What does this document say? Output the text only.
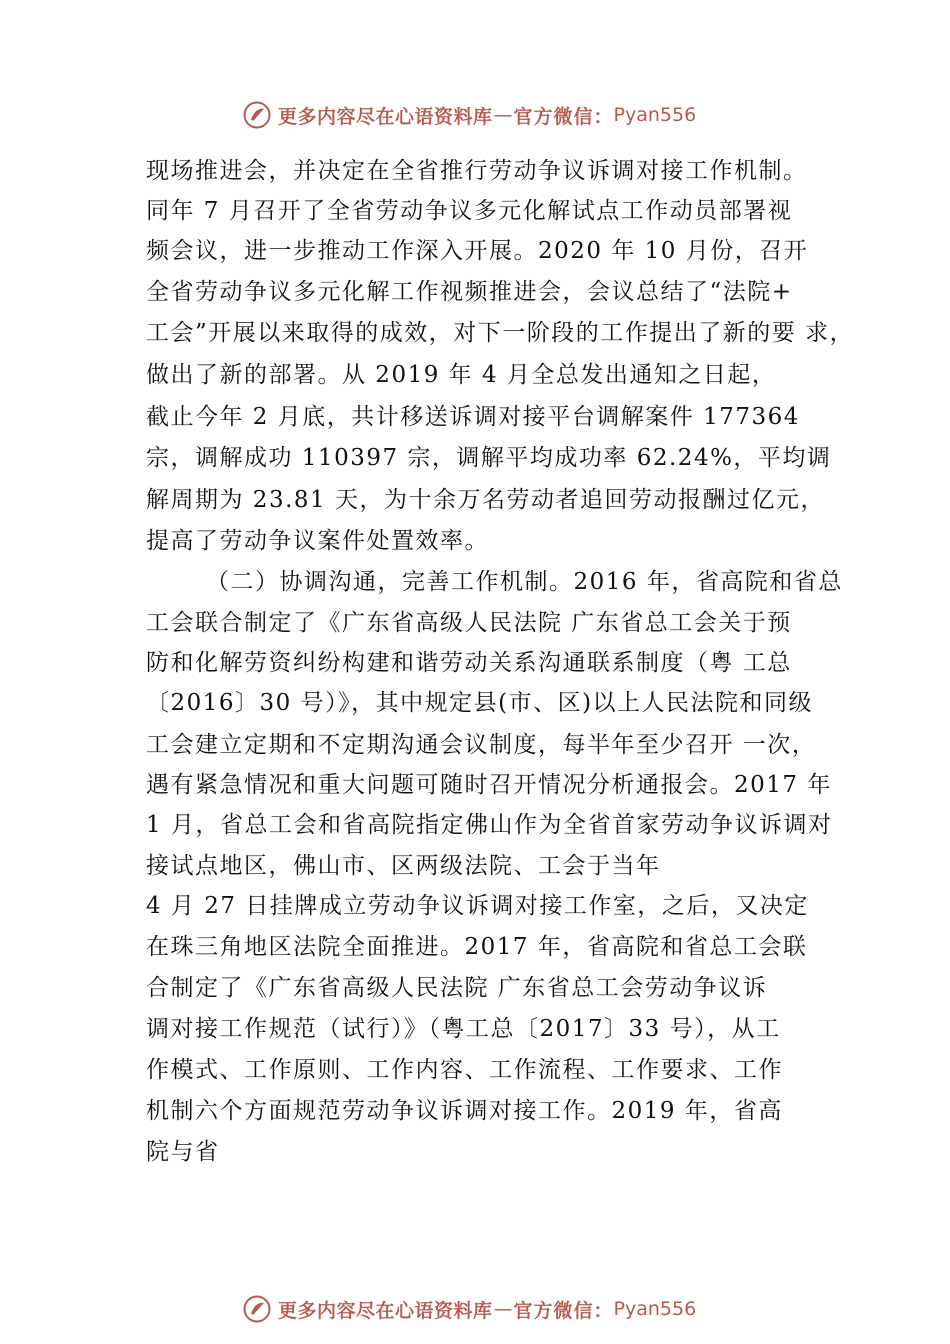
更多内容尽在心语资料库 — 官方微信： Pyan556
现场推进会，并决定在全省推行劳动争议诉调对接工作机制。
同年 7 月召开了全省劳动争议多元化解试点工作动员部署视
频会议，进一步推动工作深入开展。2020 年 10 月份，召开
全省劳动争议多元化解工作视频推进会，会议总结了“法院+
工会”开展以来取得的成效，对下一阶段的工作提出了新的要 求，
做出了新的部署。从 2019 年 4 月全总发出通知之日起，
截止今年 2 月底，共计移送诉调对接平台调解案件 177364
宗，调解成功 110397 宗，调解平均成功率 62.24%，平均调
解周期为 23.81 天，为十余万名劳动者追回劳动报酬过亿元，
提高了劳动争议案件处置效率。
（二）协调沟通，完善工作机制。2016 年，省高院和省总
工会联合制定了《广东省高级人民法院 广东省总工会关于预
防和化解劳资纠纷构建和谐劳动关系沟通联系制度（粤 工总
〔2016〕30 号）》，其中规定县(市、区)以上人民法院和同级
工会建立定期和不定期沟通会议制度，每半年至少召开 一次，
遇有紧急情况和重大问题可随时召开情况分析通报会。2017 年
1 月，省总工会和省高院指定佛山作为全省首家劳动争议诉调对
接试点地区，佛山市、区两级法院、工会于当年
4 月 27 日挂牌成立劳动争议诉调对接工作室，之后，又决定
在珠三角地区法院全面推进。2017 年，省高院和省总工会联
合制定了《广东省高级人民法院 广东省总工会劳动争议诉
调对接工作规范（试行）》（粤工总〔2017〕33 号），从工
作模式、工作原则、工作内容、工作流程、工作要求、工作
机制六个方面规范劳动争议诉调对接工作。2019 年，省高
院与省
更多内容尽在心语资料库 — 官方微信： Pyan556
